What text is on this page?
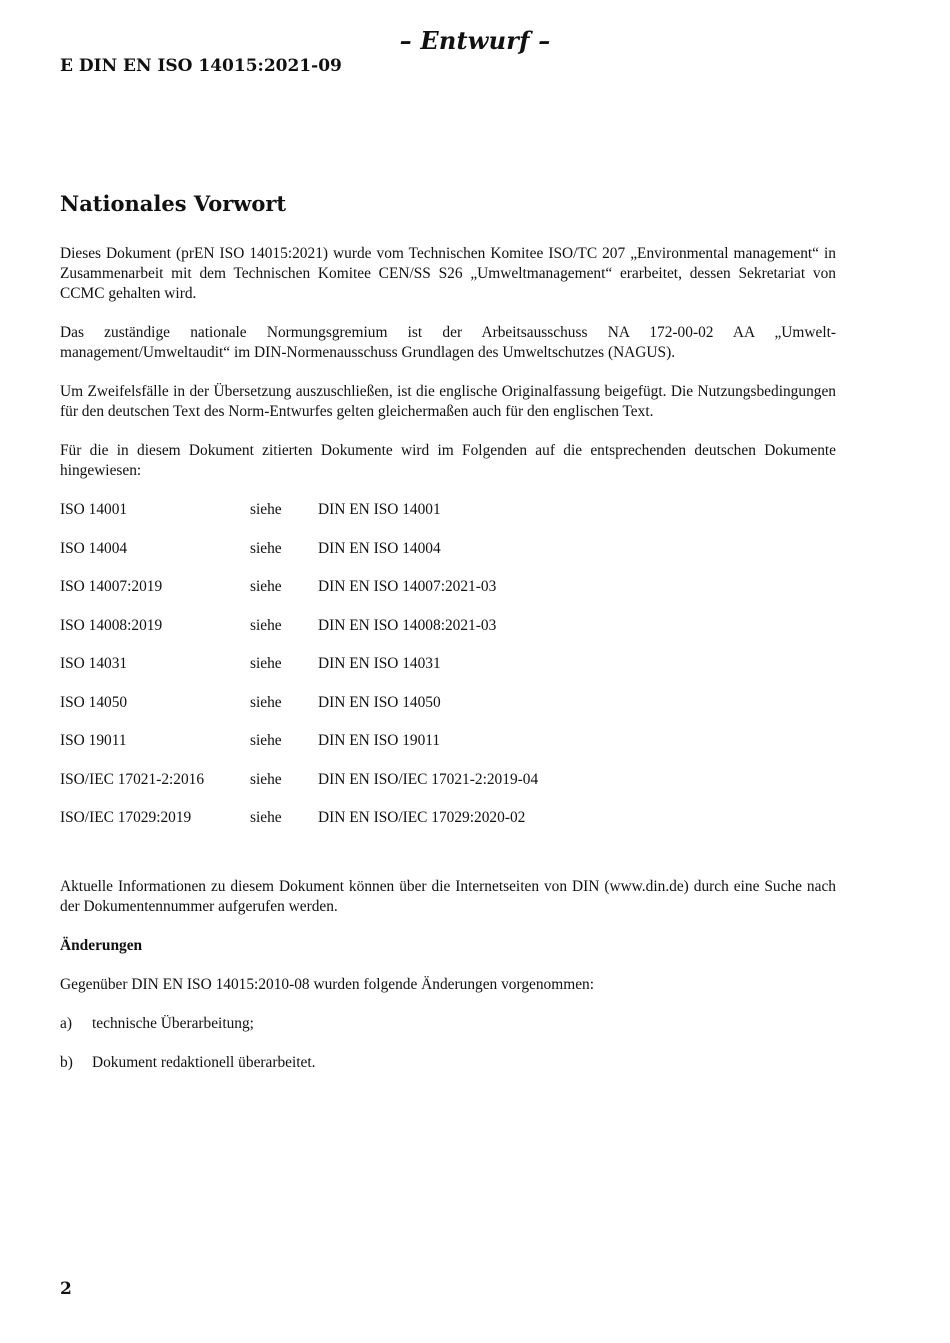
– Entwurf –
E DIN EN ISO 14015:2021-09
Nationales Vorwort

Dieses Dokument (prEN ISO 14015:2021) wurde vom Technischen Komitee ISO/TC 207 „Environmental management“ in Zusammenarbeit mit dem Technischen Komitee CEN/SS S26 „Umweltmanagement“ erarbeitet, dessen Sekretariat von CCMC gehalten wird.

Das zuständige nationale Normungsgremium ist der Arbeitsausschuss NA 172-00-02 AA „Umwelt-management/Umweltaudit“ im DIN-Normenausschuss Grundlagen des Umweltschutzes (NAGUS).

Um Zweifelsfälle in der Übersetzung auszuschließen, ist die englische Originalfassung beigefügt. Die Nutzungsbedingungen für den deutschen Text des Norm-Entwurfes gelten gleichermaßen auch für den englischen Text.

Für die in diesem Dokument zitierten Dokumente wird im Folgenden auf die entsprechenden deutschen Dokumente hingewiesen:

ISO 14001	siehe	DIN EN ISO 14001
ISO 14004	siehe	DIN EN ISO 14004
ISO 14007:2019	siehe	DIN EN ISO 14007:2021-03
ISO 14008:2019	siehe	DIN EN ISO 14008:2021-03
ISO 14031	siehe	DIN EN ISO 14031
ISO 14050	siehe	DIN EN ISO 14050
ISO 19011	siehe	DIN EN ISO 19011
ISO/IEC 17021-2:2016	siehe	DIN EN ISO/IEC 17021-2:2019-04
ISO/IEC 17029:2019	siehe	DIN EN ISO/IEC 17029:2020-02

Aktuelle Informationen zu diesem Dokument können über die Internetseiten von DIN (www.din.de) durch eine Suche nach der Dokumentennummer aufgerufen werden.

Änderungen

Gegenüber DIN EN ISO 14015:2010-08 wurden folgende Änderungen vorgenommen:

a)	technische Überarbeitung;
b)	Dokument redaktionell überarbeitet.
2
